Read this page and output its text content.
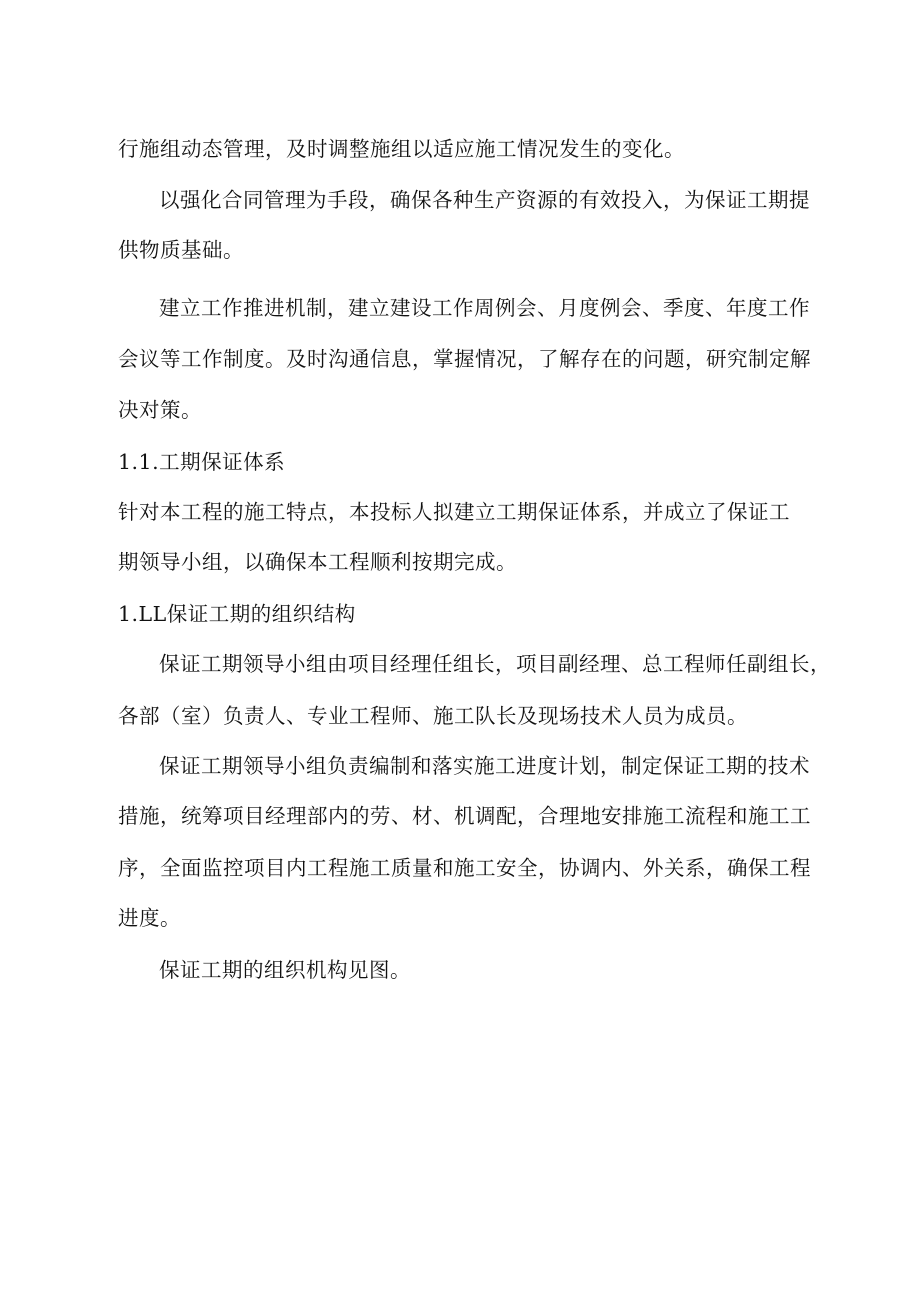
行施组动态管理，及时调整施组以适应施工情况发生的变化。
以强化合同管理为手段，确保各种生产资源的有效投入，为保证工期提
供物质基础。
建立工作推进机制，建立建设工作周例会、月度例会、季度、年度工作
会议等工作制度。及时沟通信息，掌握情况，了解存在的问题，研究制定解
决对策。
1.1.工期保证体系
针对本工程的施工特点，本投标人拟建立工期保证体系，并成立了保证工
期领导小组，以确保本工程顺利按期完成。
1.LL保证工期的组织结构
保证工期领导小组由项目经理任组长，项目副经理、总工程师任副组长，
各部（室）负责人、专业工程师、施工队长及现场技术人员为成员。
保证工期领导小组负责编制和落实施工进度计划，制定保证工期的技术
措施，统筹项目经理部内的劳、材、机调配，合理地安排施工流程和施工工
序，全面监控项目内工程施工质量和施工安全，协调内、外关系，确保工程
进度。
保证工期的组织机构见图。
